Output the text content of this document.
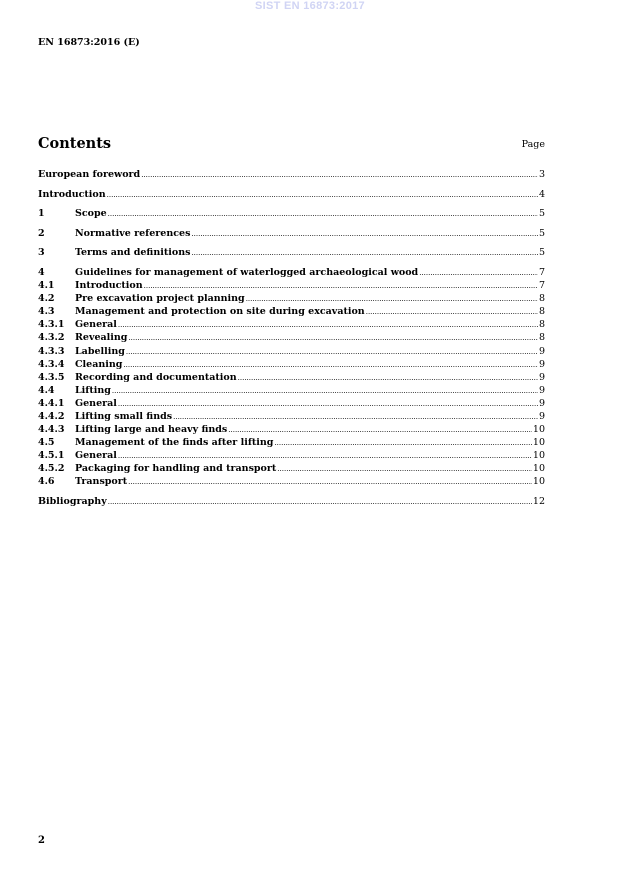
SIST EN 16873:2017
EN 16873:2016 (E)
Contents	Page
European foreword .....	3
Introduction .....	4
1	Scope .....	5
2	Normative references .....	5
3	Terms and definitions .....	5
4	Guidelines for management of waterlogged archaeological wood .....	7
4.1	Introduction .....	7
4.2	Pre excavation project planning .....	8
4.3	Management and protection on site during excavation .....	8
4.3.1	General .....	8
4.3.2	Revealing .....	8
4.3.3	Labelling .....	9
4.3.4	Cleaning .....	9
4.3.5	Recording and documentation .....	9
4.4	Lifting .....	9
4.4.1	General .....	9
4.4.2	Lifting small finds .....	9
4.4.3	Lifting large and heavy finds .....	10
4.5	Management of the finds after lifting .....	10
4.5.1	General .....	10
4.5.2	Packaging for handling and transport .....	10
4.6	Transport .....	10
Bibliography .....	12
2
